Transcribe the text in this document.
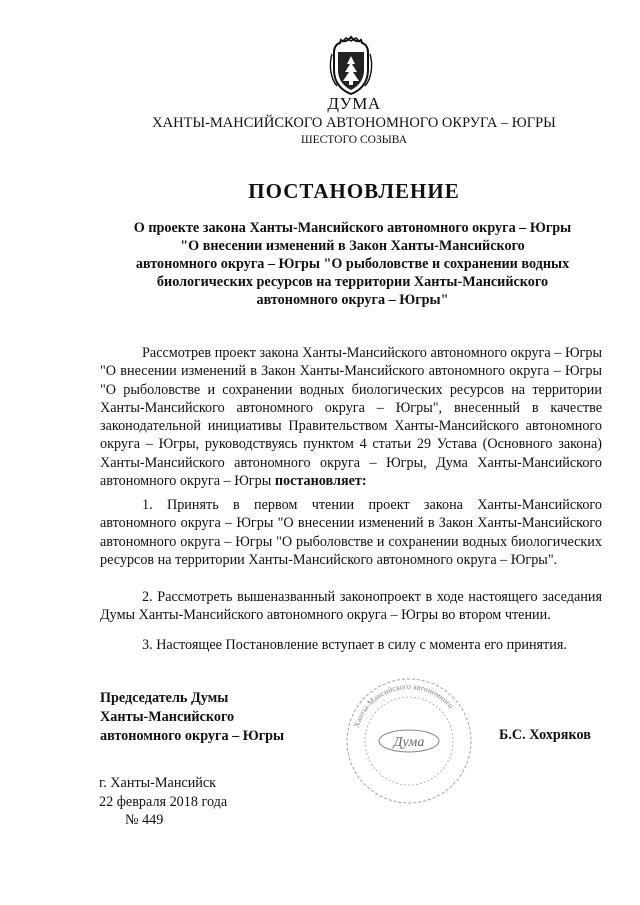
ДУМА
ХАНТЫ-МАНСИЙСКОГО АВТОНОМНОГО ОКРУГА – ЮГРЫ
ШЕСТОГО СОЗЫВА
ПОСТАНОВЛЕНИЕ
О проекте закона Ханты-Мансийского автономного округа – Югры
"О внесении изменений в Закон Ханты-Мансийского
автономного округа – Югры "О рыболовстве и сохранении водных
биологических ресурсов на территории Ханты-Мансийского
автономного округа – Югры"
Рассмотрев проект закона Ханты-Мансийского автономного округа – Югры "О внесении изменений в Закон Ханты-Мансийского автономного округа – Югры "О рыболовстве и сохранении водных биологических ресурсов на территории Ханты-Мансийского автономного округа – Югры", внесенный в качестве законодательной инициативы Правительством Ханты-Мансийского автономного округа – Югры, руководствуясь пунктом 4 статьи 29 Устава (Основного закона) Ханты-Мансийского автономного округа – Югры, Дума Ханты-Мансийского автономного округа – Югры постановляет:
1. Принять в первом чтении проект закона Ханты-Мансийского автономного округа – Югры "О внесении изменений в Закон Ханты-Мансийского автономного округа – Югры "О рыболовстве и сохранении водных биологических ресурсов на территории Ханты-Мансийского автономного округа – Югры".
2. Рассмотреть вышеназванный законопроект в ходе настоящего заседания Думы Ханты-Мансийского автономного округа – Югры во втором чтении.
3. Настоящее Постановление вступает в силу с момента его принятия.
Председатель Думы
Ханты-Мансийского
автономного округа – Югры
Ханты-Мансийского автономного
Дума	Б.С. Хохряков
г. Ханты-Мансийск
22 февраля 2018 года
№ 449
